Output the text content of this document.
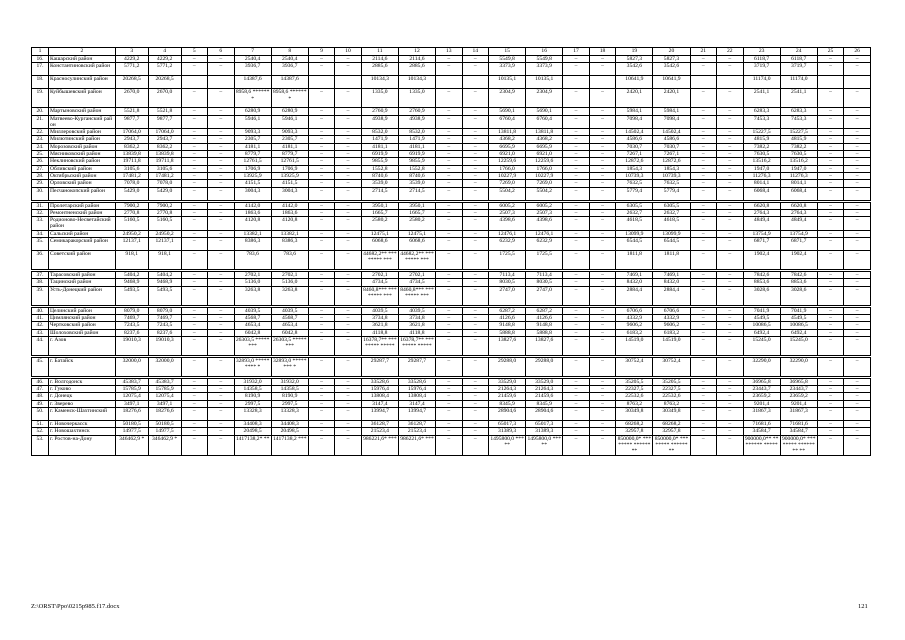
1	2	3	4	5	6	7	8	9	10	11	12	13	14	15	16	17	18	19	20	21	22	23	24	25	26
16.	Кашарский район	4229,2	4229,2	–	–	2540,4	2540,4	–	–	2114,6	2114,6	–	–	5549,8	5549,8	–	–	5827,3	5827,3	–	–	6118,7	6118,7	–	–
17.	Константиновский район	5771,2	5771,2	–	–	3936,7	3936,7	–	–	2885,6	2885,6	–	–	3373,9	3373,9	–	–	3542,6	3542,6	–	–	3719,7	3719,7	–	–
18.	Красносулинский район	20268,5	20268,5			14387,6	14387,6			10134,3	10134,3			10135,1	10135,1			10641,9	10641,9			11174,0	11174,0		
19.	Куйбышевский район	2670,0	2670,0	–	–	8958,6 *******	8958,6 *******	–	–	1335,0	1335,0	–	–	2304,9	2304,9	–	–	2420,1	2420,1	–	–	2541,1	2541,1	–	–
20.	Мартыновский район	5521,8	5521,8	–	–	6280,9	6280,9	–	–	2760,9	2760,9	–	–	5690,1	5690,1	–	–	5984,1	5984,1	–	–	6283,3	6283,3	–	–
21.	Матвеево-Курганский район	9877,7	9877,7	–	–	5946,1	5946,1	–	–	4938,9	4938,9	–	–	6760,4	6760,4	–	–	7098,4	7098,4	–	–	7453,3	7453,3	–	–
22.	Миллеровский район	17064,0	17064,0	–	–	9093,3	9093,3	–	–	8532,0	8532,0	–	–	13811,8	13811,8	–	–	14502,4	14502,4	–	–	15227,5	15227,5	–	–
23.	Милютинский район	2943,7	2943,7	–	–	2305,7	2305,7	–	–	1471,9	1471,9	–	–	4368,2	4368,2	–	–	4586,6	4586,6	–	–	4815,9	4815,9	–	–
24.	Морозовский район	8362,2	8362,2	–	–	4181,1	4181,1	–	–	4181,1	4181,1	–	–	6695,9	6695,9	–	–	7030,7	7030,7	–	–	7382,2	7382,2	–	–
25.	Мясниковский район	13839,8	13839,8	–	–	8779,7	8779,7	–	–	6919,9	6919,9	–	–	6921,0	6921,0	–	–	7267,1	7267,1	–	–	7630,5	7630,5	–	–
26.	Неклиновский район	19711,8	19711,8	–	–	12761,5	12761,5	–	–	9855,9	9855,9	–	–	12259,6	12259,6	–	–	12872,6	12872,6	–	–	13516,2	13516,2	–	–
27.	Обливский район	3105,6	3105,6	–	–	1706,9	1706,9	–	–	1552,8	1552,8	–	–	1766,0	1766,0	–	–	1854,3	1854,3	–	–	1947,0	1947,0	–	–
28.	Октябрьский район	17481,2	17481,2	–	–	13925,9	13925,9	–	–	8740,6	8740,6	–	–	10227,9	10227,9	–	–	10739,3	10739,3	–	–	11276,3	11276,3	–	–
29.	Орловский район	7078,0	7078,0	–	–	4151,5	4151,5	–	–	3539,0	3539,0	–	–	7269,0	7269,0	–	–	7632,5	7632,5	–	–	8014,1	8014,1	–	–
30.	Песчанокопский район	5429,0	5429,0	–	–	3004,3	3004,3	–	–	2714,5	2714,5	–	–	5504,2	5504,2	–	–	5779,4	5779,4	–	–	6068,4	6068,4	–	–

31.	Пролетарский район	7900,2	7900,2	–	–	4142,0	4142,0	–	–	3950,1	3950,1	–	–	6005,2	6005,2	–	–	6305,5	6305,5	–	–	6620,8	6620,8	–	–
32.	Ремонтненский район	2770,8	2770,8	–	–	1863,6	1863,6	–	–	1665,7	1665,7	–	–	2507,3	2507,3	–	–	2632,7	2632,7	–	–	2764,3	2764,3	–	–
33.	Родионово-Несветайский район	5160,5	5160,5	–	–	4120,8	4120,8	–	–	2580,2	2580,2	–	–	4398,6	4398,6	–	–	4618,5	4618,5	–	–	4849,4	4849,4	–	–
34.	Сальский район	24950,2	24950,2	–	–	13382,1	13382,1	–	–	12475,1	12475,1	–	–	12476,1	12476,1	–	–	13099,9	13099,9	–	–	13754,9	13754,9	–	–
35.	Семикаракорский район	12137,1	12137,1	–	–	8386,3	8386,3	–	–	6068,6	6068,6	–	–	6232,9	6232,9	–	–	6544,5	6544,5	–	–	6871,7	6871,7	–	–
36.	Советский район	918,1	918,1	–	–	783,6	783,6	–	–	44682,2** ******** ***	44682,2** ******** ***	–	–	1725,5	1725,5	–	–	1811,8	1811,8	–	–	1902,4	1902,4	–	–

37.	Тарасовский район	5404,2	5404,2	–	–	2702,1	2702,1	–	–	2702,1	2702,1	–	–	7113,4	7113,4	–	–	7469,1	7469,1	–	–	7842,6	7842,6	–	–
38.	Тацинский район	9468,9	9468,9	–	–	5136,0	5136,0	–	–	4734,5	4734,5	–	–	8030,5	8030,5	–	–	8432,0	8432,0	–	–	8853,6	8853,6	–	–
39.	Усть-Донецкий район	5493,5	5493,5	–	–	3263,8	3263,8	–	–	8460,8*** ******** ***	8460,8*** ******** ***	–	–	2747,0	2747,0	–	–	2884,4	2884,4	–	–	3028,6	3028,6	–	–

40.	Целинский район	8079,0	8079,0	–	–	4039,5	4039,5	–	–	4039,5	4039,5	–	–	6287,2	6287,2	–	–	6706,6	6706,6	–	–	7041,9	7041,9	–	–
41.	Цимлянский район	7469,7	7469,7	–	–	4568,7	4568,7	–	–	3734,8	3734,8	–	–	4126,6	4126,6	–	–	4332,9	4332,9	–	–	4549,5	4549,5	–	–
42.	Чертковский район	7243,5	7243,5	–	–	4653,4	4653,4	–	–	3621,8	3621,8	–	–	9148,8	9148,8	–	–	9606,2	9606,2	–	–	10086,5	10086,5	–	–
43.	Шолоховский район	8237,6	8237,6	–	–	6042,8	6042,8	–	–	4118,8	4118,8	–	–	5888,8	5888,8	–	–	6183,2	6183,2	–	–	6492,4	6492,4	–	–
44.	г. Азов	19010,3	19010,3	–	–	26303,5 ********	26303,5 ********	–	–	16378,7** ******** *****	16378,7** ******** *****	–	–	13827,6	13827,6	–	–	14519,0	14519,0	–	–	15245,0	15245,0	–	–

45.	г. Батайск	32000,0	32000,0	–	–	32893,0 ********* *	32893,0 ******** *	–	–	29287,7	29287,7	–	–	29288,0	29288,0	–	–	30752,4	30752,4	–	–	32290,0	32290,0	–	–

46.	г. Волгодонск	45383,7	45383,7	–	–	31932,0	31932,0	–	–	33528,6	33528,6	–	–	33529,0	33529,0	–	–	35205,5	35205,5	–	–	36965,8	36965,8	–	–
47.	г. Гуково	15785,9	15785,9	–	–	14358,5	14358,5	–	–	15976,4	15976,4	–	–	21264,3	21264,3	–	–	22327,5	22327,5	–	–	23443,7	23443,7	–	–
48.	г. Донецк	12075,4	12075,4	–	–	8190,9	8190,9	–	–	13808,4	13808,4	–	–	21459,6	21459,6	–	–	22532,6	22532,6	–	–	23659,2	23659,2	–	–
49.	г. Зверево	3497,1	3497,1	–	–	2997,5	2997,5	–	–	3147,4	3147,4	–	–	8345,9	8345,9	–	–	8763,2	8763,2	–	–	9201,4	9201,4	–	–
50.	г. Каменск-Шахтинский	18276,6	18276,6	–	–	13328,3	13328,3	–	–	13994,7	13994,7	–	–	28904,6	28904,6	–	–	30349,8	30349,8	–	–	31867,3	31867,3	–	–
51.	г. Новочеркасск	50180,5	50180,5	–	–	34408,3	34408,3	–	–	36128,7	36128,7	–	–	65017,3	65017,3	–	–	68268,2	68268,2	–	–	71681,6	71681,6	–	–
52.	г. Новошахтинск	14977,5	14977,5	–	–	20498,5	20498,5	–	–	21523,4	21523,4	–	–	31389,3	31389,3	–	–	32957,8	32957,8	–	–	34584,7	34584,7	–	–
53.	г. Ростов-на-Дону	346462,9 *	346462,9 *	–	–	1417138,2* **	1417138,2 ***	–	–	986221,6* ***	986221,6* ***	–	–	1495800,0 *****	1495800,0 *****	–	–	850000,0* ******** ********	850000,0* ******** ********	–	–	900000,0** ******** *****	900000,0* ******** ******** **	–	–
Z:\ORST\Ppo\0215p985.f17.docx	121
